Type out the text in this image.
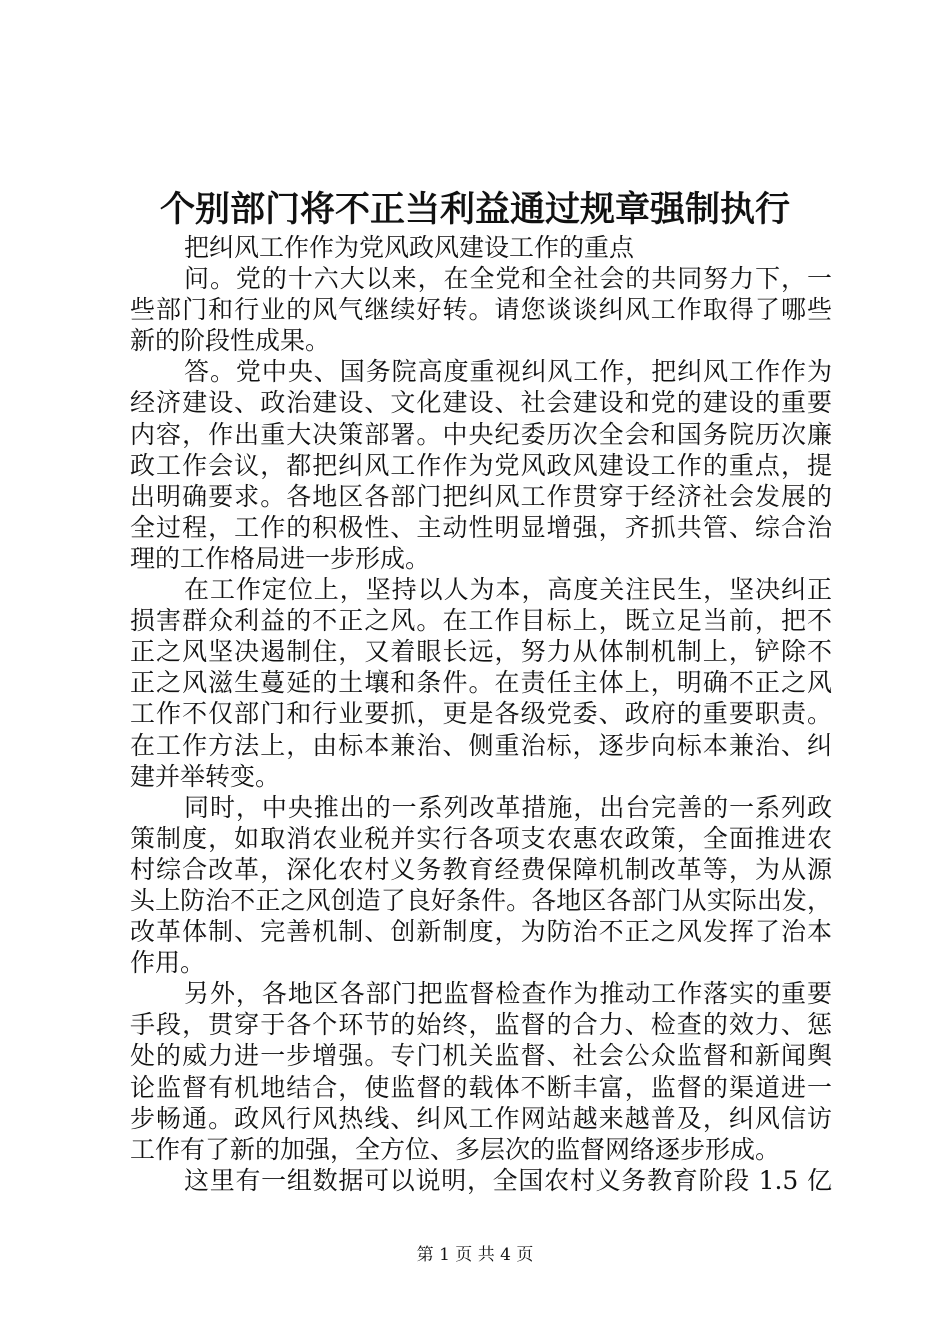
个别部门将不正当利益通过规章强制执行
把纠风工作作为党风政风建设工作的重点
问。党的十六大以来，在全党和全社会的共同努力下，一
些部门和行业的风气继续好转。请您谈谈纠风工作取得了哪些
新的阶段性成果。
答。党中央、国务院高度重视纠风工作，把纠风工作作为
经济建设、政治建设、文化建设、社会建设和党的建设的重要
内容，作出重大决策部署。中央纪委历次全会和国务院历次廉
政工作会议，都把纠风工作作为党风政风建设工作的重点，提
出明确要求。各地区各部门把纠风工作贯穿于经济社会发展的
全过程，工作的积极性、主动性明显增强，齐抓共管、综合治
理的工作格局进一步形成。
在工作定位上，坚持以人为本，高度关注民生，坚决纠正
损害群众利益的不正之风。在工作目标上，既立足当前，把不
正之风坚决遏制住，又着眼长远，努力从体制机制上，铲除不
正之风滋生蔓延的土壤和条件。在责任主体上，明确不正之风
工作不仅部门和行业要抓，更是各级党委、政府的重要职责。
在工作方法上，由标本兼治、侧重治标，逐步向标本兼治、纠
建并举转变。
同时，中央推出的一系列改革措施，出台完善的一系列政
策制度，如取消农业税并实行各项支农惠农政策，全面推进农
村综合改革，深化农村义务教育经费保障机制改革等，为从源
头上防治不正之风创造了良好条件。各地区各部门从实际出发，
改革体制、完善机制、创新制度，为防治不正之风发挥了治本
作用。
另外，各地区各部门把监督检查作为推动工作落实的重要
手段，贯穿于各个环节的始终，监督的合力、检查的效力、惩
处的威力进一步增强。专门机关监督、社会公众监督和新闻舆
论监督有机地结合，使监督的载体不断丰富，监督的渠道进一
步畅通。政风行风热线、纠风工作网站越来越普及，纠风信访
工作有了新的加强，全方位、多层次的监督网络逐步形成。
这里有一组数据可以说明，全国农村义务教育阶段 1.5 亿
第 1 页 共 4 页
